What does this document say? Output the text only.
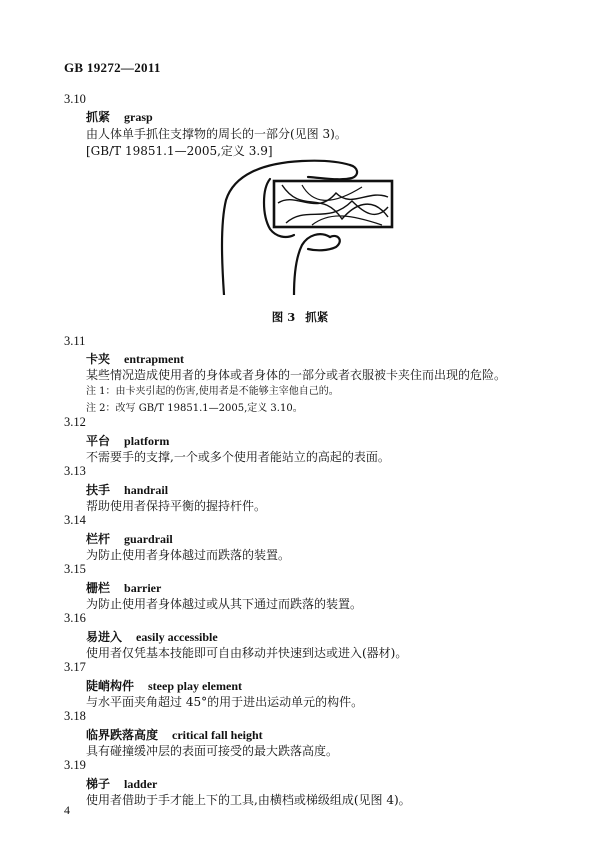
GB 19272—2011
3.10
抓紧 grasp
由人体单手抓住支撑物的周长的一部分(见图 3)。
[GB/T 19851.1—2005,定义 3.9]
图 3 抓紧
3.11
卡夹 entrapment
某些情况造成使用者的身体或者身体的一部分或者衣服被卡夹住而出现的危险。
注 1：由卡夹引起的伤害,使用者是不能够主宰他自己的。
注 2：改写 GB/T 19851.1—2005,定义 3.10。
3.12
平台 platform
不需要手的支撑,一个或多个使用者能站立的高起的表面。
3.13
扶手 handrail
帮助使用者保持平衡的握持杆件。
3.14
栏杆 guardrail
为防止使用者身体越过而跌落的装置。
3.15
栅栏 barrier
为防止使用者身体越过或从其下通过而跌落的装置。
3.16
易进入 easily accessible
使用者仅凭基本技能即可自由移动并快速到达或进入(器材)。
3.17
陡峭构件 steep play element
与水平面夹角超过 45°的用于进出运动单元的构件。
3.18
临界跌落高度 critical fall height
具有碰撞缓冲层的表面可接受的最大跌落高度。
3.19
梯子 ladder
使用者借助于手才能上下的工具,由横档或梯级组成(见图 4)。
4
